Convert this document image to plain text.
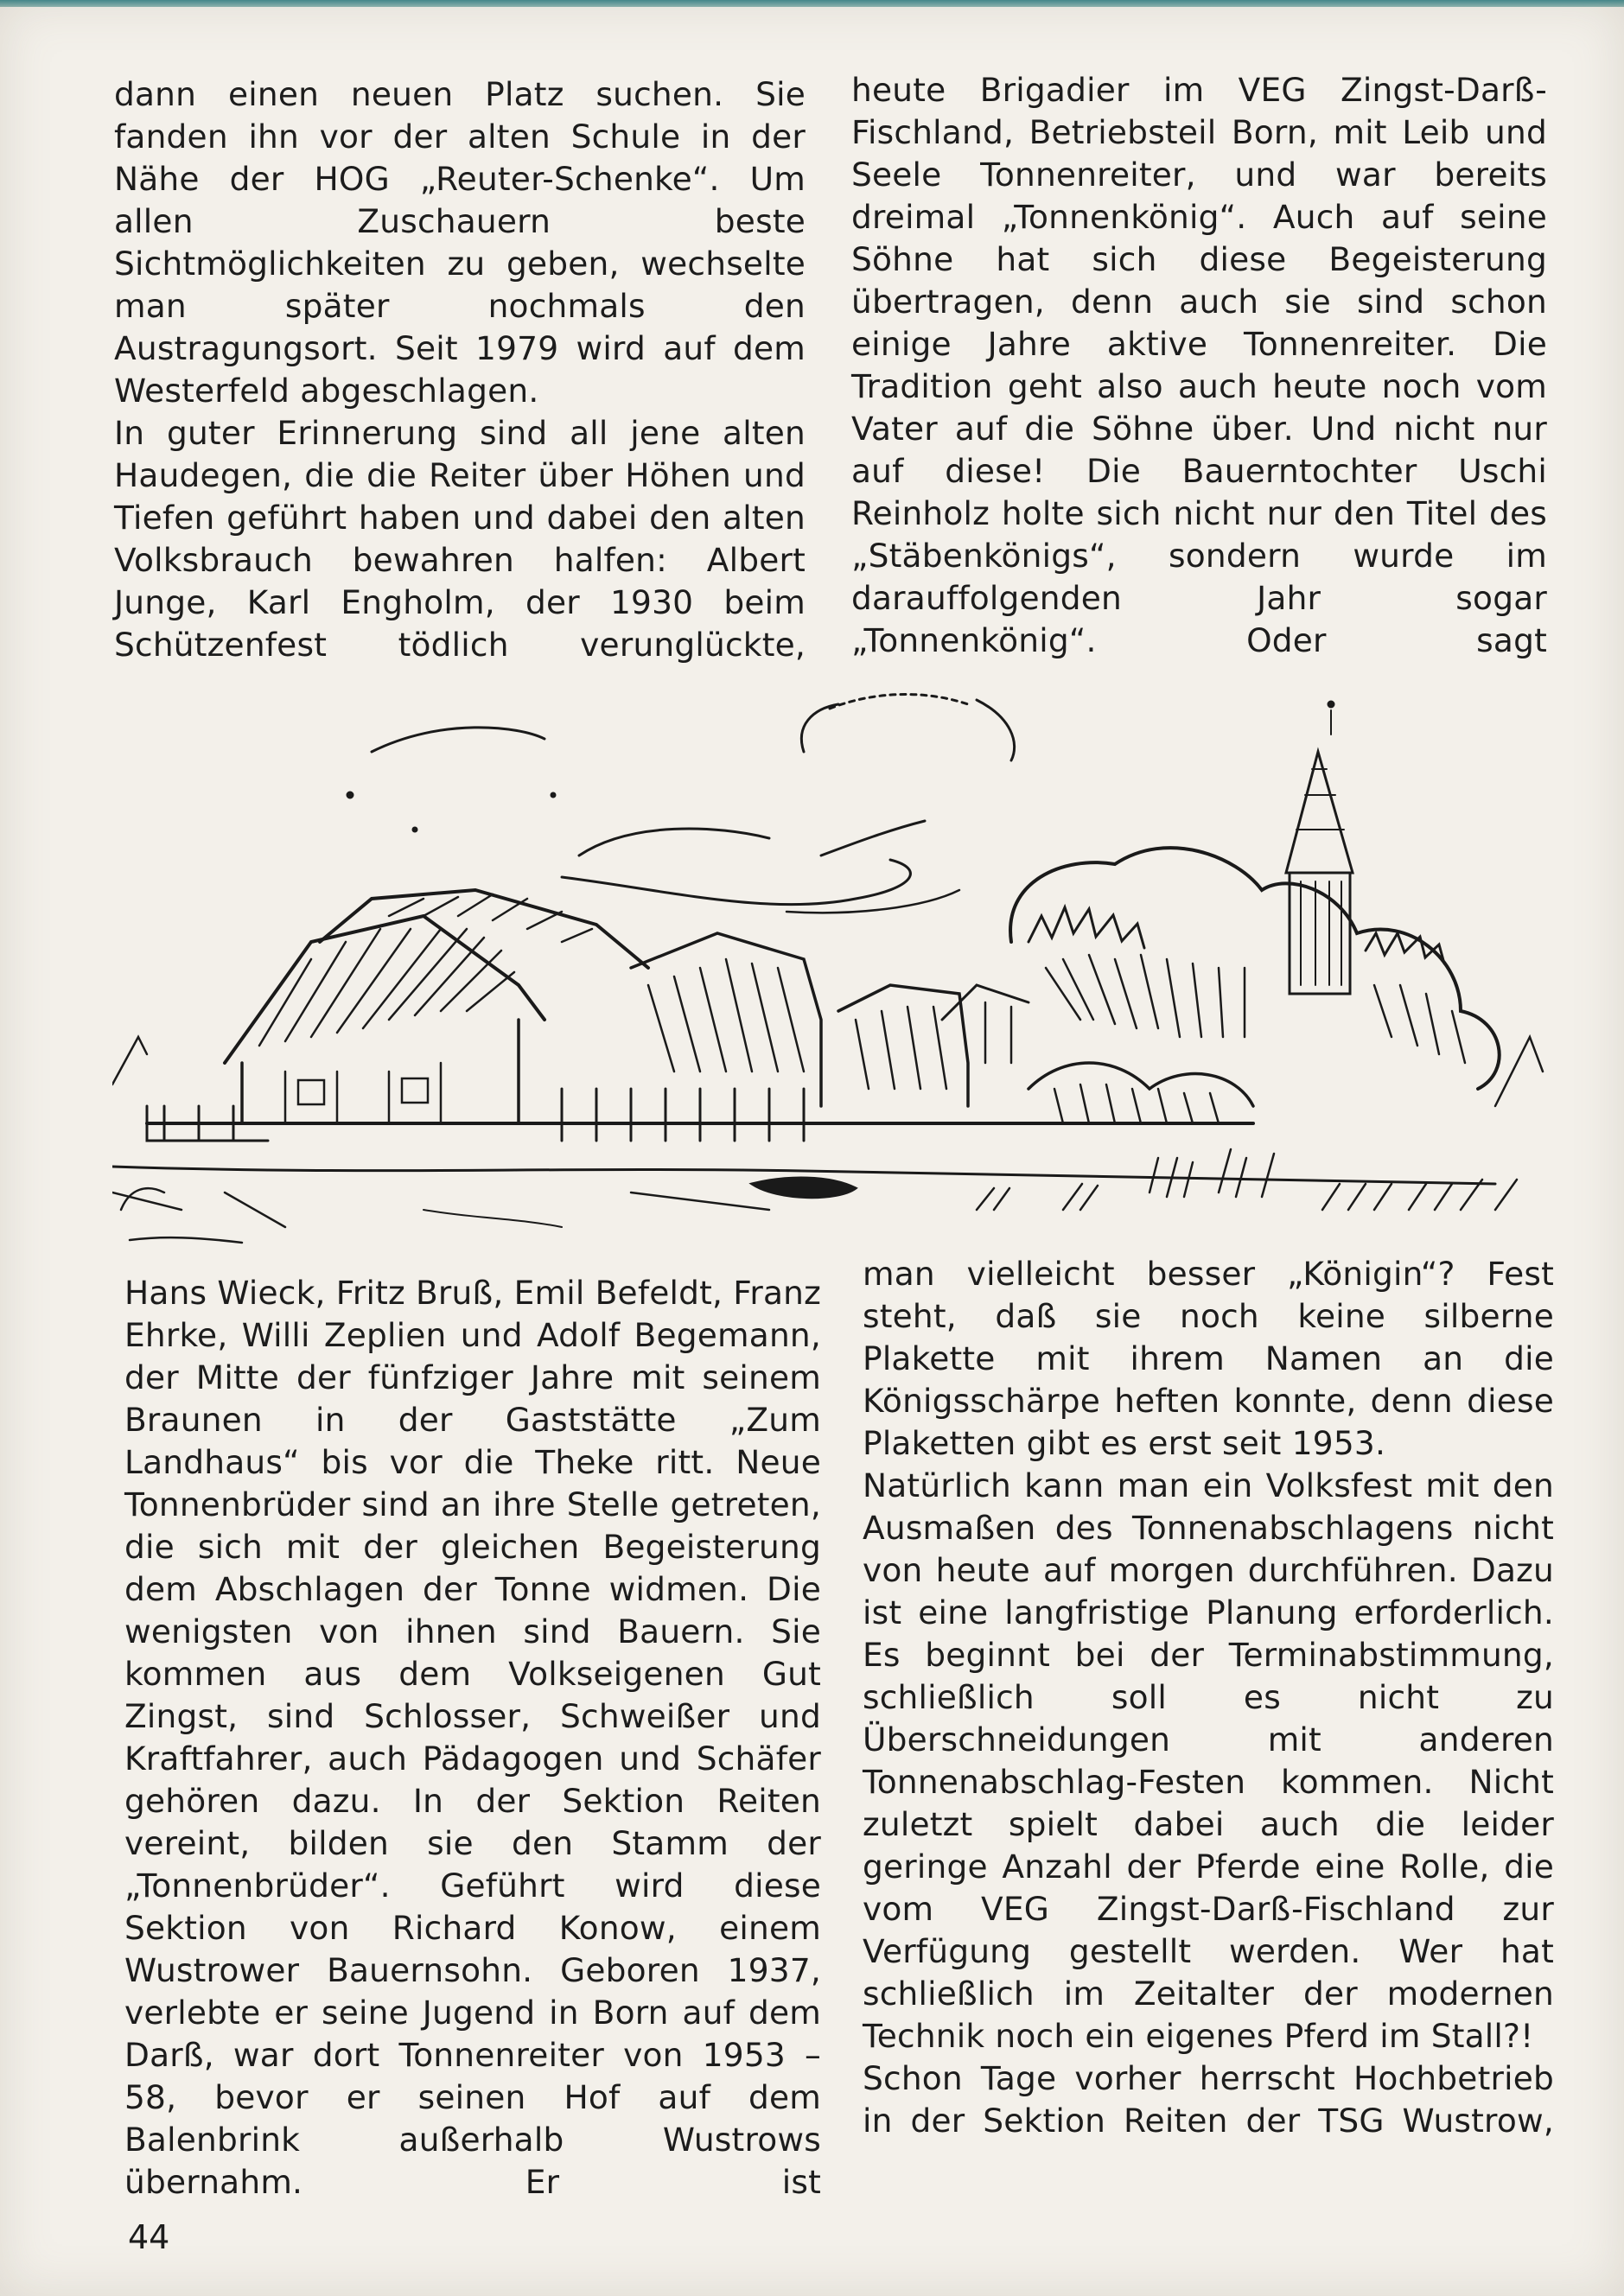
dann einen neuen Platz suchen. Sie fanden ihn vor der alten Schule in der Nähe der HOG „Reuter-Schenke“. Um allen Zuschauern beste Sichtmöglichkeiten zu geben, wechselte man später nochmals den Austragungsort. Seit 1979 wird auf dem Westerfeld abgeschlagen.

In guter Erinnerung sind all jene alten Haudegen, die die Reiter über Höhen und Tiefen geführt haben und dabei den alten Volksbrauch bewahren halfen: Albert Junge, Karl Engholm, der 1930 beim Schützenfest tödlich verunglückte,

heute Brigadier im VEG Zingst-Darß-Fischland, Betriebsteil Born, mit Leib und Seele Tonnenreiter, und war bereits dreimal „Tonnenkönig“. Auch auf seine Söhne hat sich diese Begeisterung übertragen, denn auch sie sind schon einige Jahre aktive Tonnenreiter. Die Tradition geht also auch heute noch vom Vater auf die Söhne über. Und nicht nur auf diese! Die Bauerntochter Uschi Reinholz holte sich nicht nur den Titel des „Stäbenkönigs“, sondern wurde im darauffolgenden Jahr sogar „Tonnenkönig“. Oder sagt

Hans Wieck, Fritz Bruß, Emil Befeldt, Franz Ehrke, Willi Zeplien und Adolf Begemann, der Mitte der fünfziger Jahre mit seinem Braunen in der Gaststätte „Zum Landhaus“ bis vor die Theke ritt. Neue Tonnenbrüder sind an ihre Stelle getreten, die sich mit der gleichen Begeisterung dem Abschlagen der Tonne widmen. Die wenigsten von ihnen sind Bauern. Sie kommen aus dem Volkseigenen Gut Zingst, sind Schlosser, Schweißer und Kraftfahrer, auch Pädagogen und Schäfer gehören dazu. In der Sektion Reiten vereint, bilden sie den Stamm der „Tonnenbrüder“. Geführt wird diese Sektion von Richard Konow, einem Wustrower Bauernsohn. Geboren 1937, verlebte er seine Jugend in Born auf dem Darß, war dort Tonnenreiter von 1953 – 58, bevor er seinen Hof auf dem Balenbrink außerhalb Wustrows übernahm. Er ist

man vielleicht besser „Königin“? Fest steht, daß sie noch keine silberne Plakette mit ihrem Namen an die Königsschärpe heften konnte, denn diese Plaketten gibt es erst seit 1953.

Natürlich kann man ein Volksfest mit den Ausmaßen des Tonnenabschlagens nicht von heute auf morgen durchführen. Dazu ist eine langfristige Planung erforderlich. Es beginnt bei der Terminabstimmung, schließlich soll es nicht zu Überschneidungen mit anderen Tonnenabschlag-Festen kommen. Nicht zuletzt spielt dabei auch die leider geringe Anzahl der Pferde eine Rolle, die vom VEG Zingst-Darß-Fischland zur Verfügung gestellt werden. Wer hat schließlich im Zeitalter der modernen Technik noch ein eigenes Pferd im Stall?!

Schon Tage vorher herrscht Hochbetrieb in der Sektion Reiten der TSG Wustrow,

44
